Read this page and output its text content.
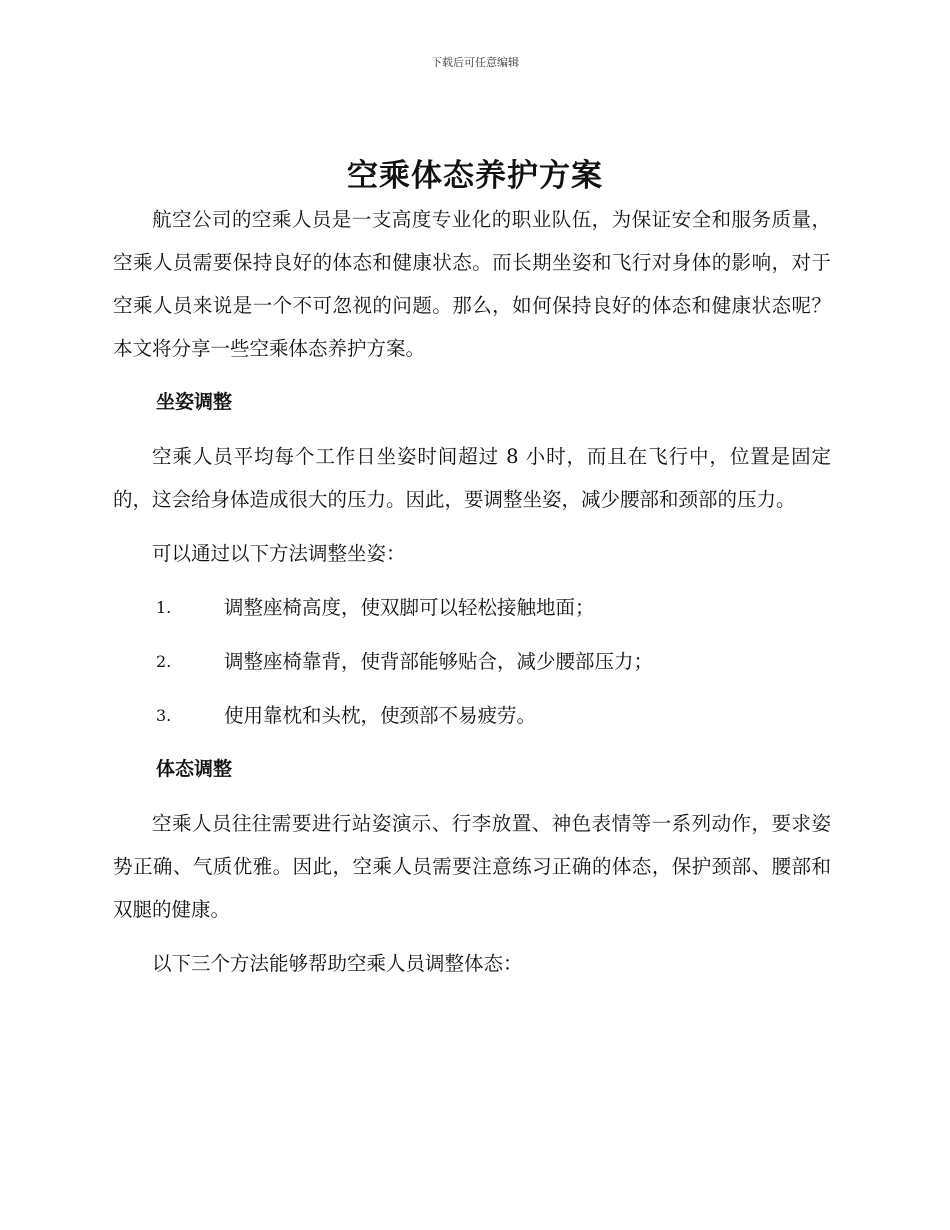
下载后可任意编辑
空乘体态养护方案

航空公司的空乘人员是一支高度专业化的职业队伍，为保证安全和服务质量，空乘人员需要保持良好的体态和健康状态。而长期坐姿和飞行对身体的影响，对于空乘人员来说是一个不可忽视的问题。那么，如何保持良好的体态和健康状态呢？本文将分享一些空乘体态养护方案。

坐姿调整

空乘人员平均每个工作日坐姿时间超过 8 小时，而且在飞行中，位置是固定的，这会给身体造成很大的压力。因此，要调整坐姿，减少腰部和颈部的压力。

可以通过以下方法调整坐姿：

1.	调整座椅高度，使双脚可以轻松接触地面；
2.	调整座椅靠背，使背部能够贴合，减少腰部压力；
3.	使用靠枕和头枕，使颈部不易疲劳。
体态调整

空乘人员往往需要进行站姿演示、行李放置、神色表情等一系列动作，要求姿势正确、气质优雅。因此，空乘人员需要注意练习正确的体态，保护颈部、腰部和双腿的健康。

以下三个方法能够帮助空乘人员调整体态：
